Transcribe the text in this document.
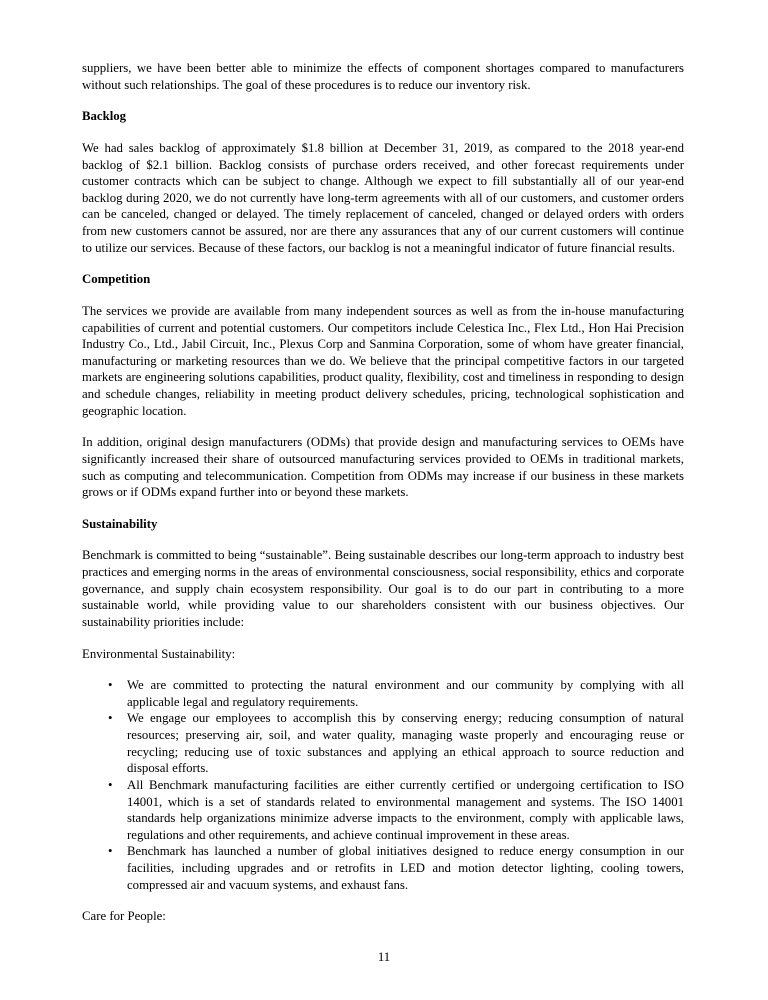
suppliers, we have been better able to minimize the effects of component shortages compared to manufacturers without such relationships. The goal of these procedures is to reduce our inventory risk.

Backlog

We had sales backlog of approximately $1.8 billion at December 31, 2019, as compared to the 2018 year-end backlog of $2.1 billion. Backlog consists of purchase orders received, and other forecast requirements under customer contracts which can be subject to change. Although we expect to fill substantially all of our year-end backlog during 2020, we do not currently have long-term agreements with all of our customers, and customer orders can be canceled, changed or delayed. The timely replacement of canceled, changed or delayed orders with orders from new customers cannot be assured, nor are there any assurances that any of our current customers will continue to utilize our services. Because of these factors, our backlog is not a meaningful indicator of future financial results.

Competition

The services we provide are available from many independent sources as well as from the in-house manufacturing capabilities of current and potential customers. Our competitors include Celestica Inc., Flex Ltd., Hon Hai Precision Industry Co., Ltd., Jabil Circuit, Inc., Plexus Corp and Sanmina Corporation, some of whom have greater financial, manufacturing or marketing resources than we do. We believe that the principal competitive factors in our targeted markets are engineering solutions capabilities, product quality, flexibility, cost and timeliness in responding to design and schedule changes, reliability in meeting product delivery schedules, pricing, technological sophistication and geographic location.

In addition, original design manufacturers (ODMs) that provide design and manufacturing services to OEMs have significantly increased their share of outsourced manufacturing services provided to OEMs in traditional markets, such as computing and telecommunication. Competition from ODMs may increase if our business in these markets grows or if ODMs expand further into or beyond these markets.

Sustainability

Benchmark is committed to being “sustainable”. Being sustainable describes our long-term approach to industry best practices and emerging norms in the areas of environmental consciousness, social responsibility, ethics and corporate governance, and supply chain ecosystem responsibility. Our goal is to do our part in contributing to a more sustainable world, while providing value to our shareholders consistent with our business objectives. Our sustainability priorities include:

Environmental Sustainability:

• We are committed to protecting the natural environment and our community by complying with all applicable legal and regulatory requirements.
• We engage our employees to accomplish this by conserving energy; reducing consumption of natural resources; preserving air, soil, and water quality, managing waste properly and encouraging reuse or recycling; reducing use of toxic substances and applying an ethical approach to source reduction and disposal efforts.
• All Benchmark manufacturing facilities are either currently certified or undergoing certification to ISO 14001, which is a set of standards related to environmental management and systems. The ISO 14001 standards help organizations minimize adverse impacts to the environment, comply with applicable laws, regulations and other requirements, and achieve continual improvement in these areas.
• Benchmark has launched a number of global initiatives designed to reduce energy consumption in our facilities, including upgrades and or retrofits in LED and motion detector lighting, cooling towers, compressed air and vacuum systems, and exhaust fans.

Care for People:

11
